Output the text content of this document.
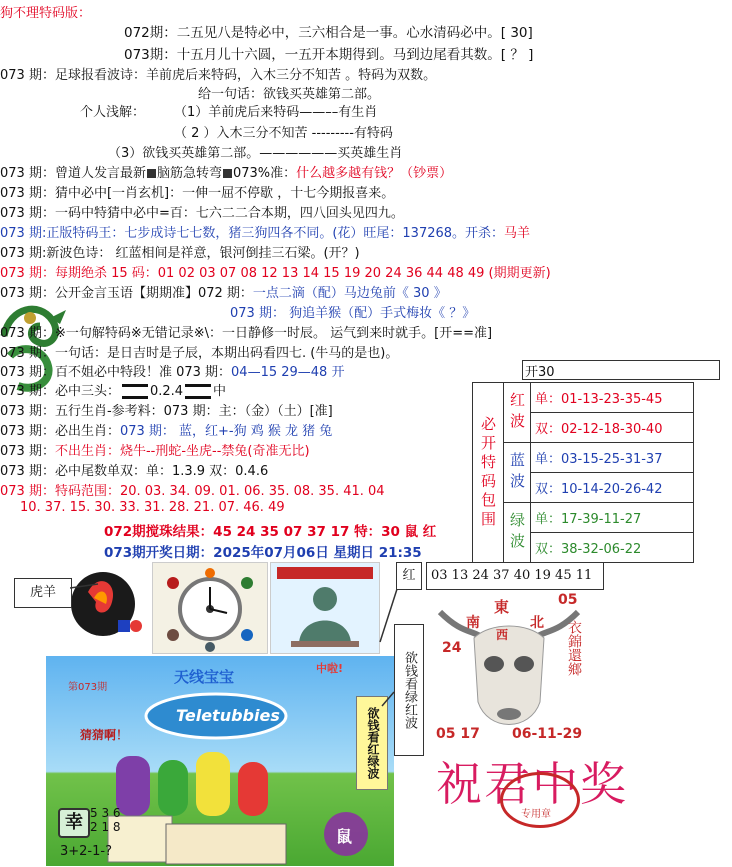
狗不理特码版：
072期：二五见八是特必中，三六相合是一事。心水清码必中。[ 30]
073期：十五月儿十六圆，一五开本期得到。马到边尾看其数。[ ？ ]
073 期：足球报看波诗：羊前虎后来特码，入木三分不知苦 。特码为双数。
给一句话：欲钱买英雄第二部。
个人浅解： （1）羊前虎后来特码——––有生肖
（ 2 ）入木三分不知苦 ---------有特码
（3）欲钱买英雄第二部。——————买英雄生肖
073 期：曾道人发言最新 脑筋急转弯 073%准：什么越多越有钱？（钞票）
073 期：猜中必中[一肖玄机]：一伸一屈不停歇 ，十七今期报喜来。
073 期：一码中特猜中必中=百：七六二二合本期，四八回头见四九。
073 期:正版特码王：七步成诗七七数，猪三狗四各不同。(花）旺尾：137268。开杀：马羊
073 期:新波色诗： 红蓝相间是祥意，银河倒挂三石梁。(开？)
073 期：每期绝杀 15 码：01 02 03 07 08 12 13 14 15 19 20 24 36 44 48 49 (期期更新)
073 期：公开金言玉语【期期准】072 期：一点二滴（配）马边兔前《 30 》
073 期： 狗追羊猴（配）手式梅妆《 ？》
073 期：※一句解特码※无错记录※\：一日静修一时辰。 运气到来时就手。[开==准]
073 期：一句话：是日吉时是子辰，本期出码看四七. (牛马的是也)。
073 期：百不姐必中特段！准 073 期：04—15 29—48 开	开30
073 期：必中三头： 0.2.4 中
073 期：五行生肖-参考料：073 期：主：（金）（土）[准]
073 期：必出生肖：073 期： 蓝，红+-狗 鸡 猴 龙 猪 兔
073 期：不出生肖：烧牛--刑蛇-坐虎--禁兔(奇准无比)
073 期：必中尾数单双：单：1.3.9 双：0.4.6
073 期：特码范围：20. 03. 34. 09. 01. 06. 35. 08. 35. 41. 04
10. 37. 15. 30. 33. 31. 28. 21. 07. 46. 49
072期搅珠结果：45 24 35 07 37 17 特：30 鼠 红
073期开奖日期：2025年07月06日 星期日 21:35
必开特码包围	红波	单：01-13-23-35-45
		双：02-12-18-30-40
	蓝波	单：03-15-25-31-37
		双：10-14-20-26-42
	绿波	单：17-39-11-27
		双：38-32-06-22
虎羊
红	03 13 24 37 40 19 45 11
天线宝宝
Teletubbies
第073期
中啦!
猜猜啊！
幸 5 3 6
2 1 8
3+2-1-?
鼠
欲钱看红绿波
欲钱看绿红波
東
南	北
西
05
24	衣錦還鄉
05 17 06-11-29
祝君中奖
专用章
